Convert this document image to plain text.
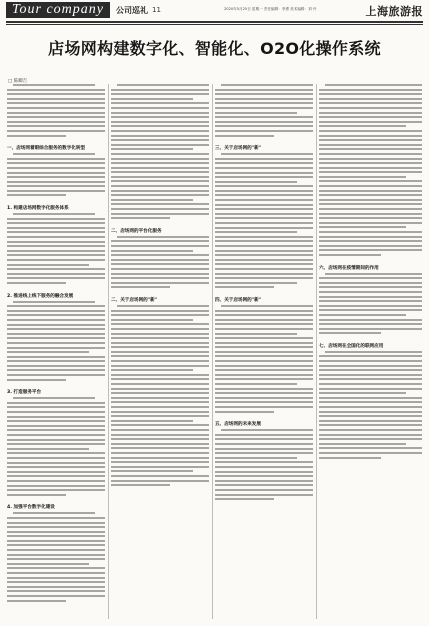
Tour company	公司巡礼 11	2020年5月25日 星期一 责任编辑：李勇 美术编辑：刘 丹	上海旅游报
店场网构建数字化、智能化、O2O化操作系统
□ 陈卿吉
一、店场网着眼综合服务的数字化转型
1. 构建店场网数字化服务体系
2. 推进线上线下服务的融合发展
3. 打造服务平台
4. 加强平台数字化建设
二、店场网的平台化服务
二、关于店场网的"新"
三、关于店场网的"新"
四、关于店场网的"新"
五、店场网的未来发展
六、店场网在疫情期间的作用
七、店场网在全国化的联网应用
